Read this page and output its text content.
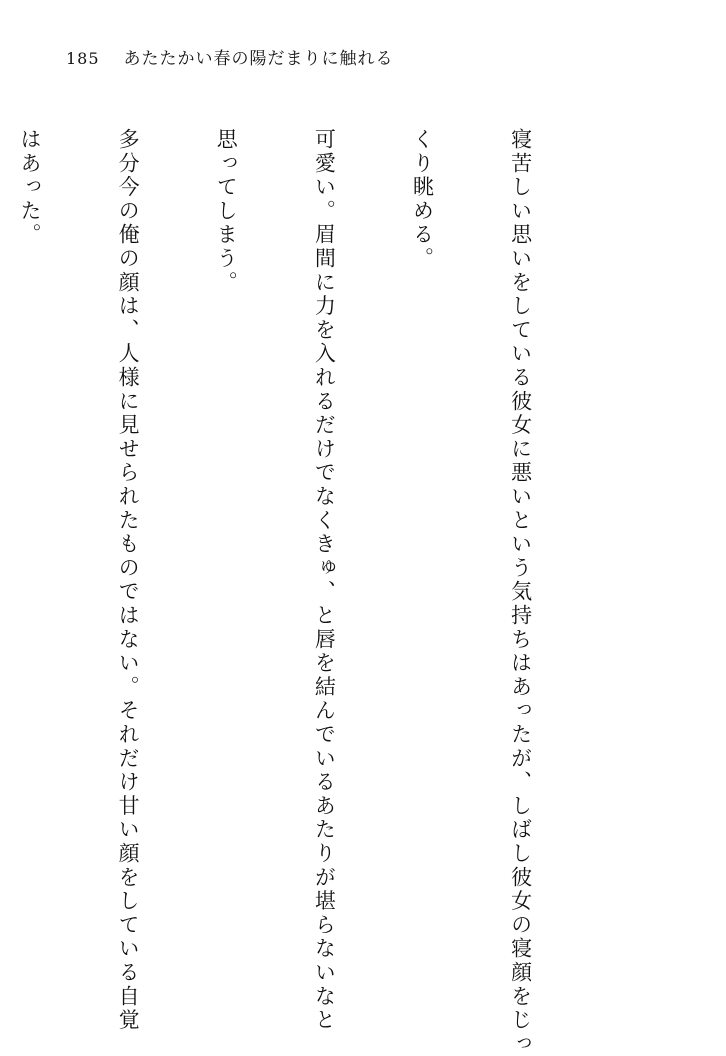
185 あたたかい春の陽だまりに触れる

寝苦しい思いをしている彼女に悪いという気持ちはあったが、しばし彼女の寝顔をじっ

くり眺める。

可愛い。眉間に力を入れるだけでなくきゅ、と唇を結んでいるあたりが堪らないなと

思ってしまう。

多分今の俺の顔は、人様に見せられたものではない。それだけ甘い顔をしている自覚

はあった。
